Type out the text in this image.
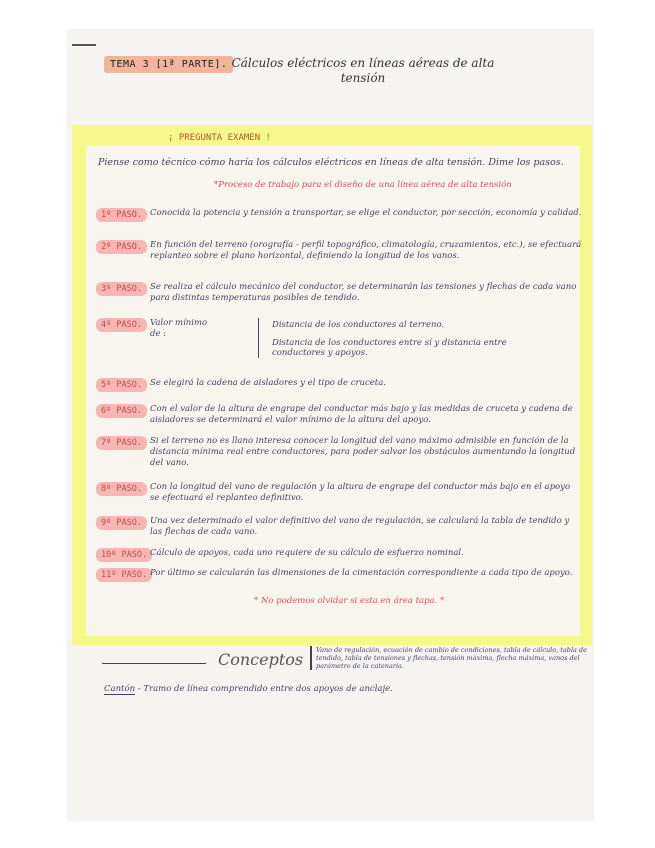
TEMA 3 [1ª PARTE]. Cálculos eléctricos en líneas aéreas de alta tensión
¡ PREGUNTA EXAMEN !
Piense como técnico cómo haría los cálculos eléctricos en líneas de alta tensión. Dime los pasos.
*Proceso de trabajo para el diseño de una línea aérea de alta tensión
1º PASO. Conocida la potencia y tensión a transportar, se elige el conductor, por sección, economía y calidad.
2º PASO. En función del terreno (orografía - perfil topográfico, climatología, cruzamientos, etc.), se efectuará replanteo sobre el plano horizontal, definiendo la longitud de los vanos.
3º PASO. Se realiza el cálculo mecánico del conductor, se determinarán las tensiones y flechas de cada vano para distintas temperaturas posibles de tendido.
4º PASO. Valor mínimo de :
Distancia de los conductores al terreno.
Distancia de los conductores entre sí y distancia entre conductores y apoyos.
5º PASO. Se elegirá la cadena de aisladores y el tipo de cruceta.
6º PASO. Con el valor de la altura de engrape del conductor más bajo y las medidas de cruceta y cadena de aisladores se determinará el valor mínimo de la altura del apoyo.
7º PASO. Si el terreno no es llano interesa conocer la longitud del vano máximo admisible en función de la distancia mínima real entre conductores, para poder salvar los obstáculos aumentando la longitud del vano.
8º PASO. Con la longitud del vano de regulación y la altura de engrape del conductor más bajo en el apoyo se efectuará el replanteo definitivo.
9º PASO. Una vez determinado el valor definitivo del vano de regulación, se calculará la tabla de tendido y las flechas de cada vano.
10º PASO. Cálculo de apoyos, cada uno requiere de su cálculo de esfuerzo nominal.
11º PASO. Por último se calcularán las dimensiones de la cimentación correspondiente a cada tipo de apoyo.
* No podemos olvidar si esta en área tapa. *
Conceptos	Vano de regulación, ecuación de cambio de condiciones, tabla de cálculo, tabla de tendido, tabla de tensiones y flechas, tensión máxima, flecha máxima, vanos del parámetro de la catenaria.
Cantón - Tramo de línea comprendido entre dos apoyos de anclaje.
